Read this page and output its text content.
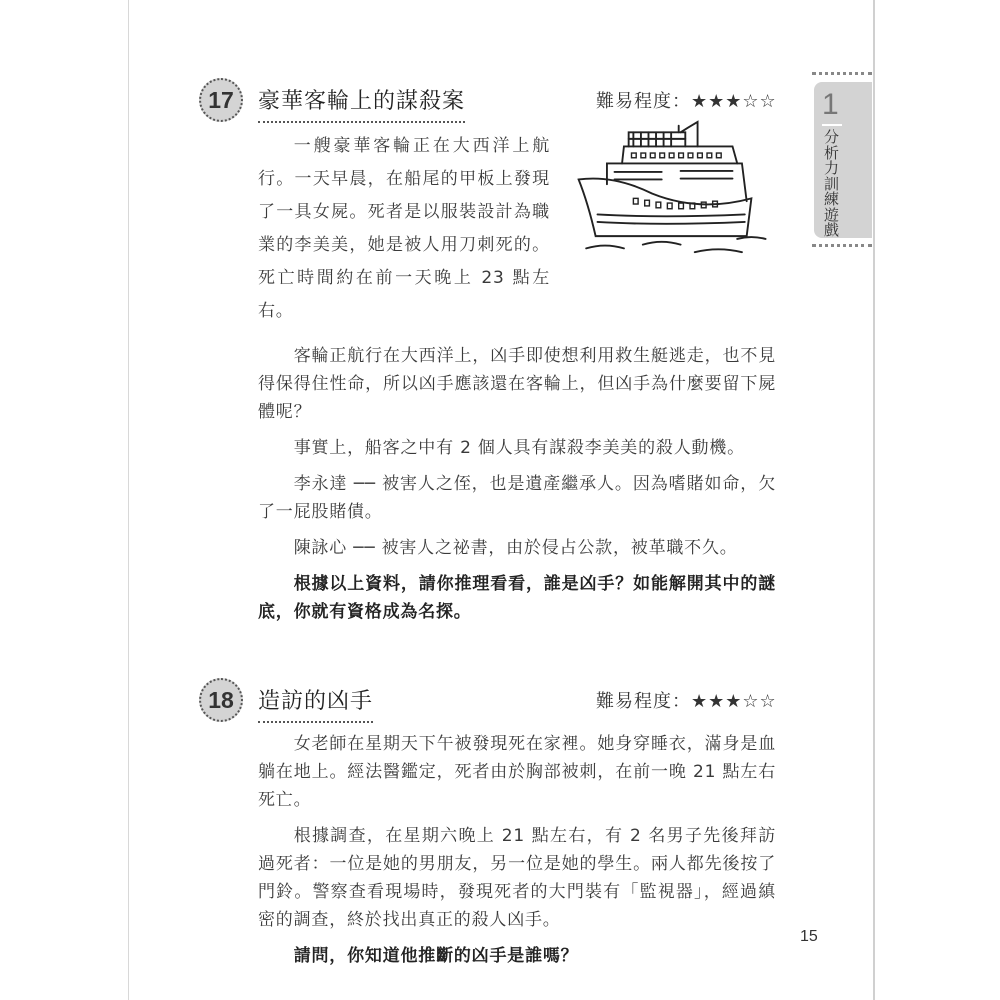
1
分析力訓練遊戲
17	豪華客輪上的謀殺案	難易程度：★★★☆☆

一艘豪華客輪正在大西洋上航行。一天早晨，在船尾的甲板上發現了一具女屍。死者是以服裝設計為職業的李美美，她是被人用刀刺死的。死亡時間約在前一天晚上 23 點左右。

客輪正航行在大西洋上，凶手即使想利用救生艇逃走，也不見得保得住性命，所以凶手應該還在客輪上，但凶手為什麼要留下屍體呢？

事實上，船客之中有 2 個人具有謀殺李美美的殺人動機。

李永達 ── 被害人之侄，也是遺產繼承人。因為嗜賭如命，欠了一屁股賭債。

陳詠心 ── 被害人之祕書，由於侵占公款，被革職不久。

根據以上資料，請你推理看看，誰是凶手？如能解開其中的謎底，你就有資格成為名探。

18	造訪的凶手	難易程度：★★★☆☆

女老師在星期天下午被發現死在家裡。她身穿睡衣，滿身是血躺在地上。經法醫鑑定，死者由於胸部被刺，在前一晚 21 點左右死亡。

根據調查，在星期六晚上 21 點左右，有 2 名男子先後拜訪過死者：一位是她的男朋友，另一位是她的學生。兩人都先後按了門鈴。警察查看現場時，發現死者的大門裝有「監視器」，經過縝密的調查，終於找出真正的殺人凶手。

請問，你知道他推斷的凶手是誰嗎？

15
